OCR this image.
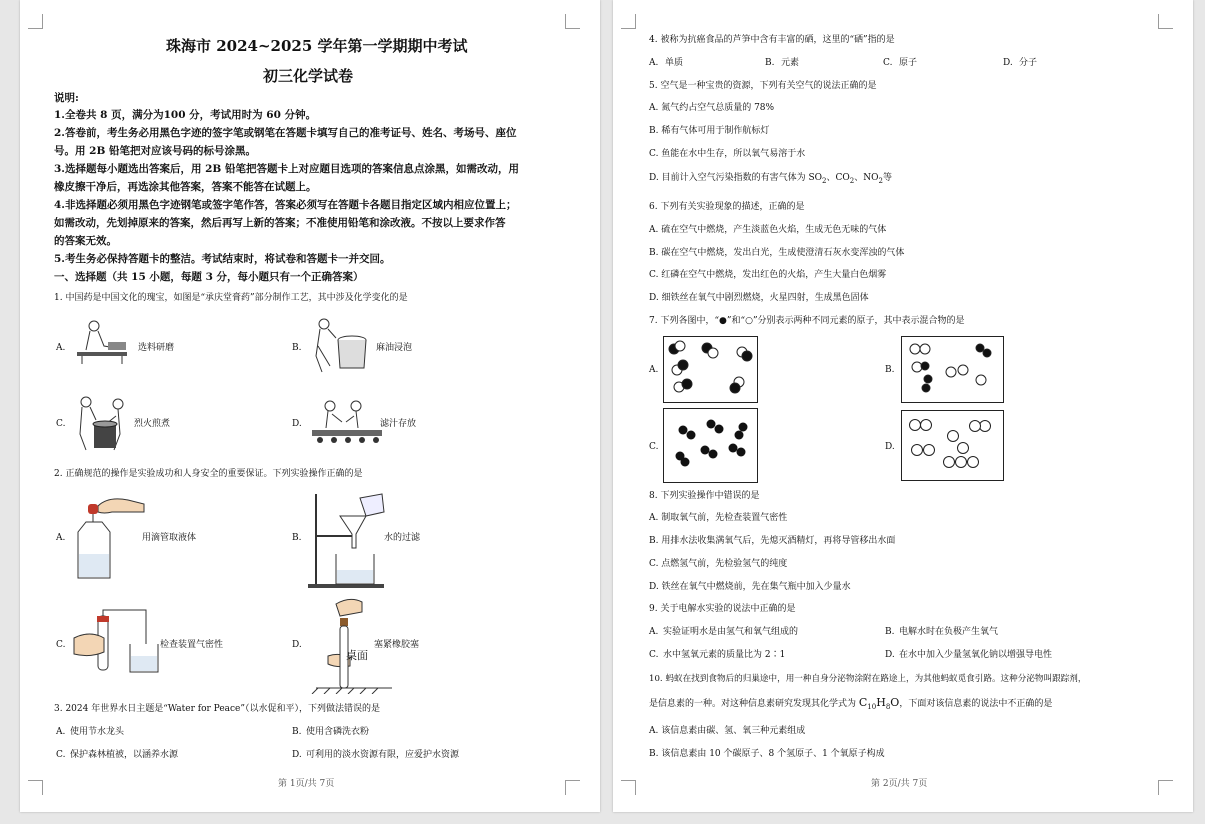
珠海市 2024~2025 学年第一学期期中考试
初三化学试卷
说明:
1.全卷共 8 页，满分为100 分，考试用时为 60 分钟。
2.答卷前，考生务必用黑色字迹的签字笔或钢笔在答题卡填写自己的准考证号、姓名、考场号、座位
号。用 2B 铅笔把对应该号码的标号涂黑。
3.选择题每小题选出答案后，用 2B 铅笔把答题卡上对应题目选项的答案信息点涂黑，如需改动，用
橡皮擦干净后，再选涂其他答案，答案不能答在试题上。
4.非选择题必须用黑色字迹钢笔或签字笔作答，答案必须写在答题卡各题目指定区域内相应位置上；
如需改动，先划掉原来的答案，然后再写上新的答案；不准使用铅笔和涂改液。不按以上要求作答
的答案无效。
5.考生务必保持答题卡的整洁。考试结束时，将试卷和答题卡一并交回。
一、选择题（共 15 小题，每题 3 分，每小题只有一个正确答案）
1. 中国药是中国文化的瑰宝，如图是“承庆堂膏药”部分制作工艺，其中涉及化学变化的是
A.	选料研磨	B.	麻油浸泡
C.	烈火煎煮	D.	滤汁存放
2. 正确规范的操作是实验成功和人身安全的重要保证。下列实验操作正确的是
A.	用滴管取液体	B.	水的过滤
C.	检查装置气密性	D.
桌面
塞紧橡胶塞
3. 2024 年世界水日主题是“Water for Peace”（以水促和平），下列做法错误的是
A. 使用节水龙头	B. 使用含磷洗衣粉
C. 保护森林植被，以涵养水源	D. 可利用的淡水资源有限，应爱护水资源
第 1页/共 7页
4. 被称为抗癌食品的芦笋中含有丰富的硒，这里的“硒”指的是
A. 单质	B. 元素	C. 原子	D. 分子
5. 空气是一种宝贵的资源，下列有关空气的说法正确的是
A. 氮气约占空气总质量的 78%
B. 稀有气体可用于制作航标灯
C. 鱼能在水中生存，所以氧气易溶于水
D. 目前计入空气污染指数的有害气体为 $SO_2$、$CO_2$、$NO_2$等
6. 下列有关实验现象的描述，正确的是
A. 硫在空气中燃烧，产生淡蓝色火焰，生成无色无味的气体
B. 碳在空气中燃烧，发出白光，生成使澄清石灰水变浑浊的气体
C. 红磷在空气中燃烧，发出红色的火焰，产生大量白色烟雾
D. 细铁丝在氧气中剧烈燃烧，火星四射，生成黑色固体
7. 下列各图中，“●”和“○”分别表示两种不同元素的原子，其中表示混合物的是
A.	B.
C.	D.
8. 下列实验操作中错误的是
A. 制取氧气前，先检查装置气密性
B. 用排水法收集满氧气后，先熄灭酒精灯，再将导管移出水面
C. 点燃氢气前，先检验氢气的纯度
D. 铁丝在氧气中燃烧前，先在集气瓶中加入少量水
9. 关于电解水实验的说法中正确的是
A. 实验证明水是由氢气和氧气组成的	B. 电解水时在负极产生氧气
C. 水中氢氧元素的质量比为 2∶1	D. 在水中加入少量氢氧化钠以增强导电性
10. 蚂蚁在找到食物后的归巢途中，用一种自身分泌物涂附在路途上，为其他蚂蚁觅食引路。这种分泌物叫跟踪剂，
是信息素的一种。对这种信息素研究发现其化学式为 $C_{10}H_8O$，下面对该信息素的说法中不正确的是
A. 该信息素由碳、氢、氧三种元素组成
B. 该信息素由 10 个碳原子、8 个氢原子、1 个氧原子构成
第 2页/共 7页
